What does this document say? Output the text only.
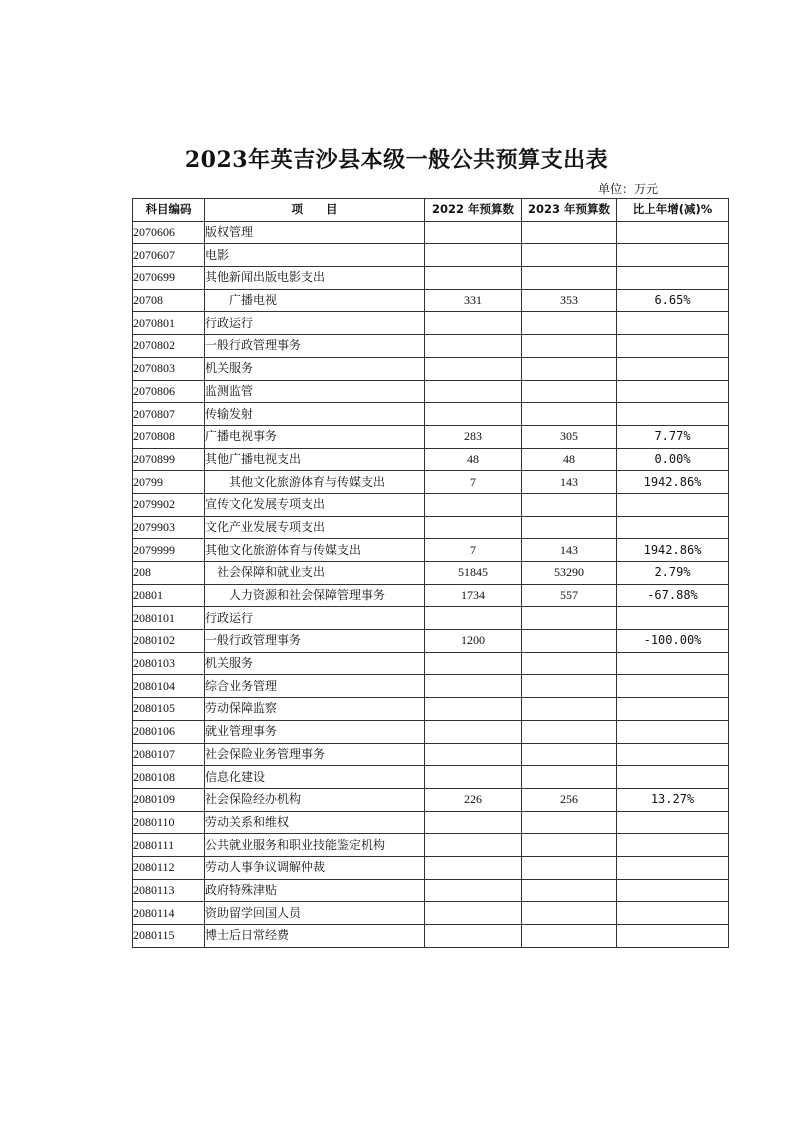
2023年英吉沙县本级一般公共预算支出表
单位：万元
科目编码	项　　目	2022 年预算数	2023 年预算数	比上年增(减)%
2070606	版权管理			
2070607	电影			
2070699	其他新闻出版电影支出			
20708	广播电视	331	353	6.65%
2070801	行政运行			
2070802	一般行政管理事务			
2070803	机关服务			
2070806	监测监管			
2070807	传输发射			
2070808	广播电视事务	283	305	7.77%
2070899	其他广播电视支出	48	48	0.00%
20799	其他文化旅游体育与传媒支出	7	143	1942.86%
2079902	宣传文化发展专项支出			
2079903	文化产业发展专项支出			
2079999	其他文化旅游体育与传媒支出	7	143	1942.86%
208	社会保障和就业支出	51845	53290	2.79%
20801	人力资源和社会保障管理事务	1734	557	-67.88%
2080101	行政运行			
2080102	一般行政管理事务	1200		-100.00%
2080103	机关服务			
2080104	综合业务管理			
2080105	劳动保障监察			
2080106	就业管理事务			
2080107	社会保险业务管理事务			
2080108	信息化建设			
2080109	社会保险经办机构	226	256	13.27%
2080110	劳动关系和维权			
2080111	公共就业服务和职业技能鉴定机构			
2080112	劳动人事争议调解仲裁			
2080113	政府特殊津贴			
2080114	资助留学回国人员			
2080115	博士后日常经费			
